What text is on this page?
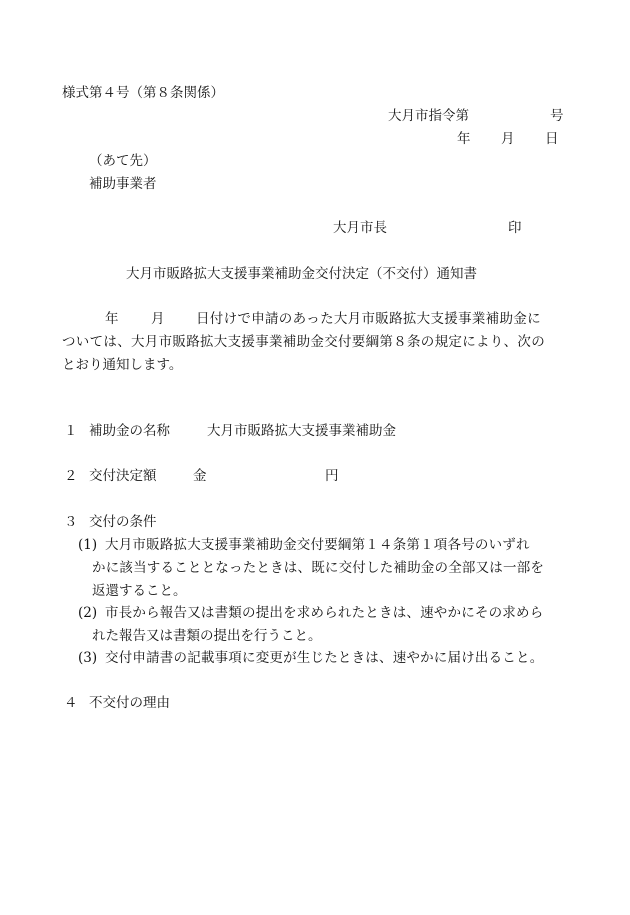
様式第４号（第８条関係）
大月市指令第	号
年 月 日
（あて先）
補助事業者
大月市長	印
大月市販路拡大支援事業補助金交付決定（不交付）通知書
年 月 日付けで申請のあった大月市販路拡大支援事業補助金に
ついては、大月市販路拡大支援事業補助金交付要綱第８条の規定により、次の
とおり通知します。
１ 補助金の名称	大月市販路拡大支援事業補助金
２ 交付決定額	金	円
３ 交付の条件
(1) 大月市販路拡大支援事業補助金交付要綱第１４条第１項各号のいずれ
かに該当することとなったときは、既に交付した補助金の全部又は一部を
返還すること。
(2) 市長から報告又は書類の提出を求められたときは、速やかにその求めら
れた報告又は書類の提出を行うこと。
(3) 交付申請書の記載事項に変更が生じたときは、速やかに届け出ること。
４ 不交付の理由
